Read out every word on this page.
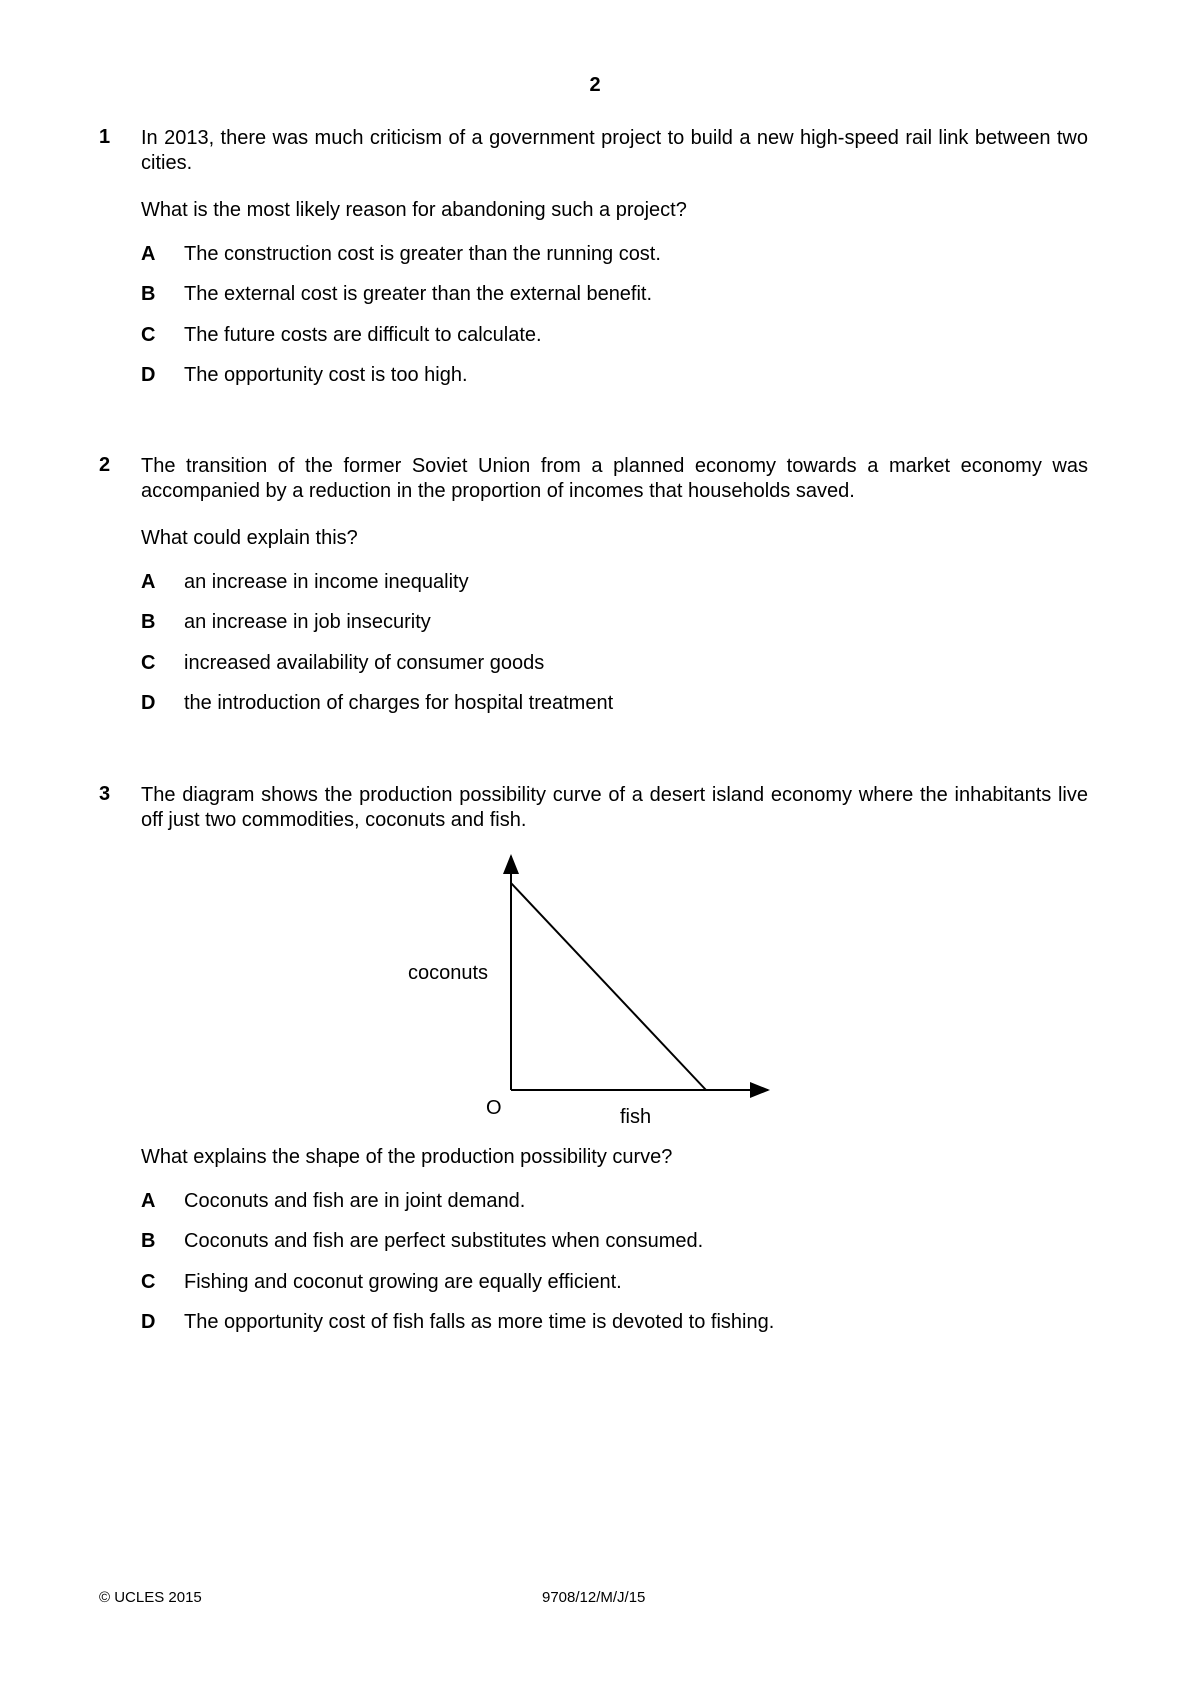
2
1 In 2013, there was much criticism of a government project to build a new high-speed rail link between two cities.
What is the most likely reason for abandoning such a project?
A The construction cost is greater than the running cost.
B The external cost is greater than the external benefit.
C The future costs are difficult to calculate.
D The opportunity cost is too high.
2 The transition of the former Soviet Union from a planned economy towards a market economy was accompanied by a reduction in the proportion of incomes that households saved.
What could explain this?
A an increase in income inequality
B an increase in job insecurity
C increased availability of consumer goods
D the introduction of charges for hospital treatment
3 The diagram shows the production possibility curve of a desert island economy where the inhabitants live off just two commodities, coconuts and fish.
coconuts
O	fish
What explains the shape of the production possibility curve?
A Coconuts and fish are in joint demand.
B Coconuts and fish are perfect substitutes when consumed.
C Fishing and coconut growing are equally efficient.
D The opportunity cost of fish falls as more time is devoted to fishing.
© UCLES 2015	9708/12/M/J/15
